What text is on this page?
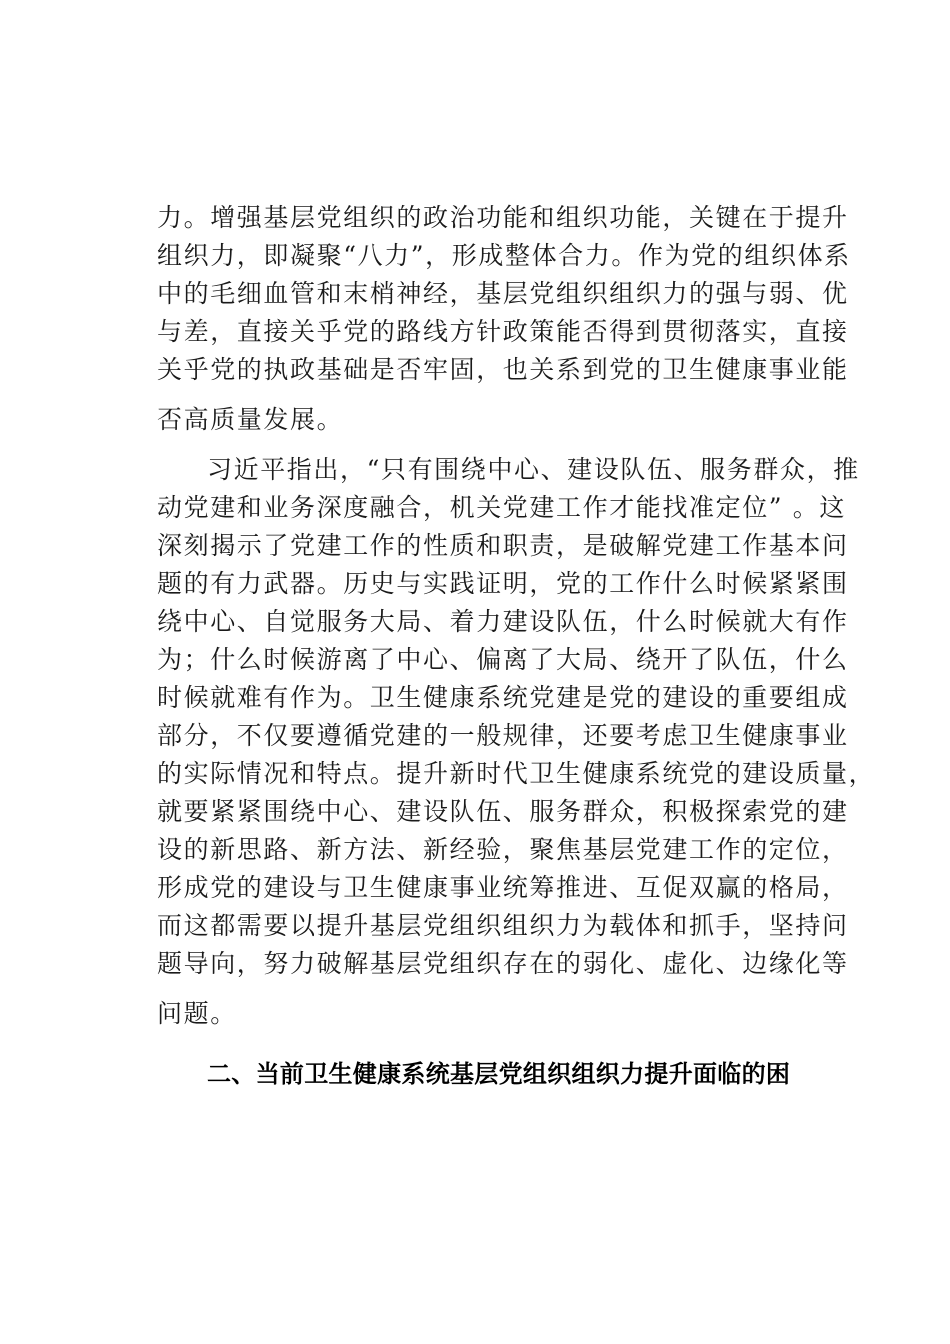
力。增强基层党组织的政治功能和组织功能，关键在于提升
组织力，即凝聚“八力”，形成整体合力。作为党的组织体系
中的毛细血管和末梢神经，基层党组织组织力的强与弱、优
与差，直接关乎党的路线方针政策能否得到贯彻落实，直接
关乎党的执政基础是否牢固，也关系到党的卫生健康事业能
否高质量发展。
习近平指出，“只有围绕中心、建设队伍、服务群众，推
动党建和业务深度融合，机关党建工作才能找准定位” 。这
深刻揭示了党建工作的性质和职责，是破解党建工作基本问
题的有力武器。历史与实践证明，党的工作什么时候紧紧围
绕中心、自觉服务大局、着力建设队伍，什么时候就大有作
为；什么时候游离了中心、偏离了大局、绕开了队伍，什么
时候就难有作为。卫生健康系统党建是党的建设的重要组成
部分，不仅要遵循党建的一般规律，还要考虑卫生健康事业
的实际情况和特点。提升新时代卫生健康系统党的建设质量，
就要紧紧围绕中心、建设队伍、服务群众，积极探索党的建
设的新思路、新方法、新经验，聚焦基层党建工作的定位，
形成党的建设与卫生健康事业统筹推进、互促双赢的格局，
而这都需要以提升基层党组织组织力为载体和抓手，坚持问
题导向，努力破解基层党组织存在的弱化、虚化、边缘化等
问题。
二、当前卫生健康系统基层党组织组织力提升面临的困
